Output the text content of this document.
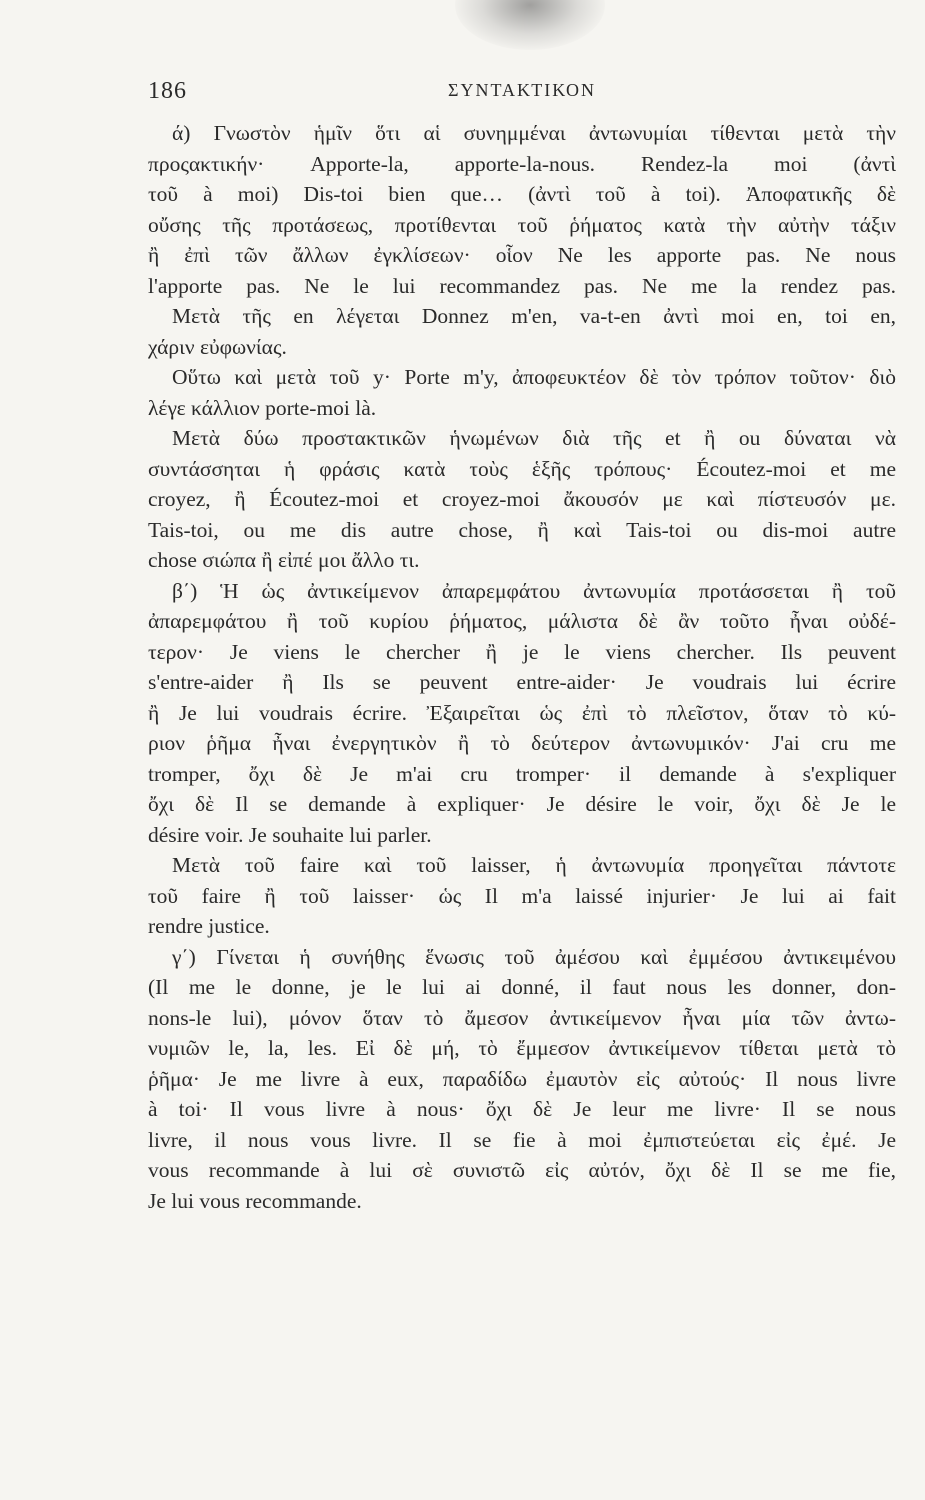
186	ΣΥΝΤΑΚΤΙΚΟΝ
ά) Γνωστὸν ἡμῖν ὅτι αἱ συνημμέναι ἀντωνυμίαι τίθενται μετὰ τὴν
προςακτικήν· Apporte-la, apporte-la-nous. Rendez-la moi (ἀντὶ
τοῦ à moi) Dis-toi bien que… (ἀντὶ τοῦ à toi). Ἀποφατικῆς δὲ
οὔσης τῆς προτάσεως, προτίθενται τοῦ ῥήματος κατὰ τὴν αὐτὴν τάξιν
ἢ ἐπὶ τῶν ἄλλων ἐγκλίσεων· οἷον Ne les apporte pas. Ne nous
l'apporte pas. Ne le lui recommandez pas. Ne me la rendez pas.
Μετὰ τῆς en λέγεται Donnez m'en, va-t-en ἀντὶ moi en, toi en,
χάριν εὐφωνίας.
Οὕτω καὶ μετὰ τοῦ y· Porte m'y, ἀποφευκτέον δὲ τὸν τρόπον τοῦτον· διὸ
λέγε κάλλιον porte-moi là.
Μετὰ δύω προστακτικῶν ἡνωμένων διὰ τῆς et ἢ ou δύναται νὰ
συντάσσηται ἡ φράσις κατὰ τοὺς ἑξῆς τρόπους· Écoutez-moi et me
croyez, ἢ Écoutez-moi et croyez-moi ἄκουσόν με καὶ πίστευσόν με.
Tais-toi, ou me dis autre chose, ἢ καὶ Tais-toi ou dis-moi autre
chose σιώπα ἢ εἰπέ μοι ἄλλο τι.
β΄) Ἡ ὡς ἀντικείμενον ἀπαρεμφάτου ἀντωνυμία προτάσσεται ἢ τοῦ
ἀπαρεμφάτου ἢ τοῦ κυρίου ῥήματος, μάλιστα δὲ ἂν τοῦτο ἦναι οὐδέ-
τερον· Je viens le chercher ἢ je le viens chercher. Ils peuvent
s'entre-aider ἢ Ils se peuvent entre-aider· Je voudrais lui écrire
ἢ Je lui voudrais écrire. Ἐξαιρεῖται ὡς ἐπὶ τὸ πλεῖστον, ὅταν τὸ κύ-
ριον ῥῆμα ἦναι ἐνεργητικὸν ἢ τὸ δεύτερον ἀντωνυμικόν· J'ai cru me
tromper, ὄχι δὲ Je m'ai cru tromper· il demande à s'expliquer
ὄχι δὲ Il se demande à expliquer· Je désire le voir, ὄχι δὲ Je le
désire voir. Je souhaite lui parler.
Μετὰ τοῦ faire καὶ τοῦ laisser, ἡ ἀντωνυμία προηγεῖται πάντοτε
τοῦ faire ἢ τοῦ laisser· ὡς Il m'a laissé injurier· Je lui ai fait
rendre justice.
γ΄) Γίνεται ἡ συνήθης ἕνωσις τοῦ ἀμέσου καὶ ἐμμέσου ἀντικειμένου
(Il me le donne, je le lui ai donné, il faut nous les donner, don-
nons-le lui), μόνον ὅταν τὸ ἄμεσον ἀντικείμενον ἦναι μία τῶν ἀντω-
νυμιῶν le, la, les. Εἰ δὲ μή, τὸ ἔμμεσον ἀντικείμενον τίθεται μετὰ τὸ
ῥῆμα· Je me livre à eux, παραδίδω ἐμαυτὸν εἰς αὐτούς· Il nous livre
à toi· Il vous livre à nous· ὄχι δὲ Je leur me livre· Il se nous
livre, il nous vous livre. Il se fie à moi ἐμπιστεύεται εἰς ἐμέ. Je
vous recommande à lui σὲ συνιστῶ εἰς αὐτόν, ὄχι δὲ Il se me fie,
Je lui vous recommande.
